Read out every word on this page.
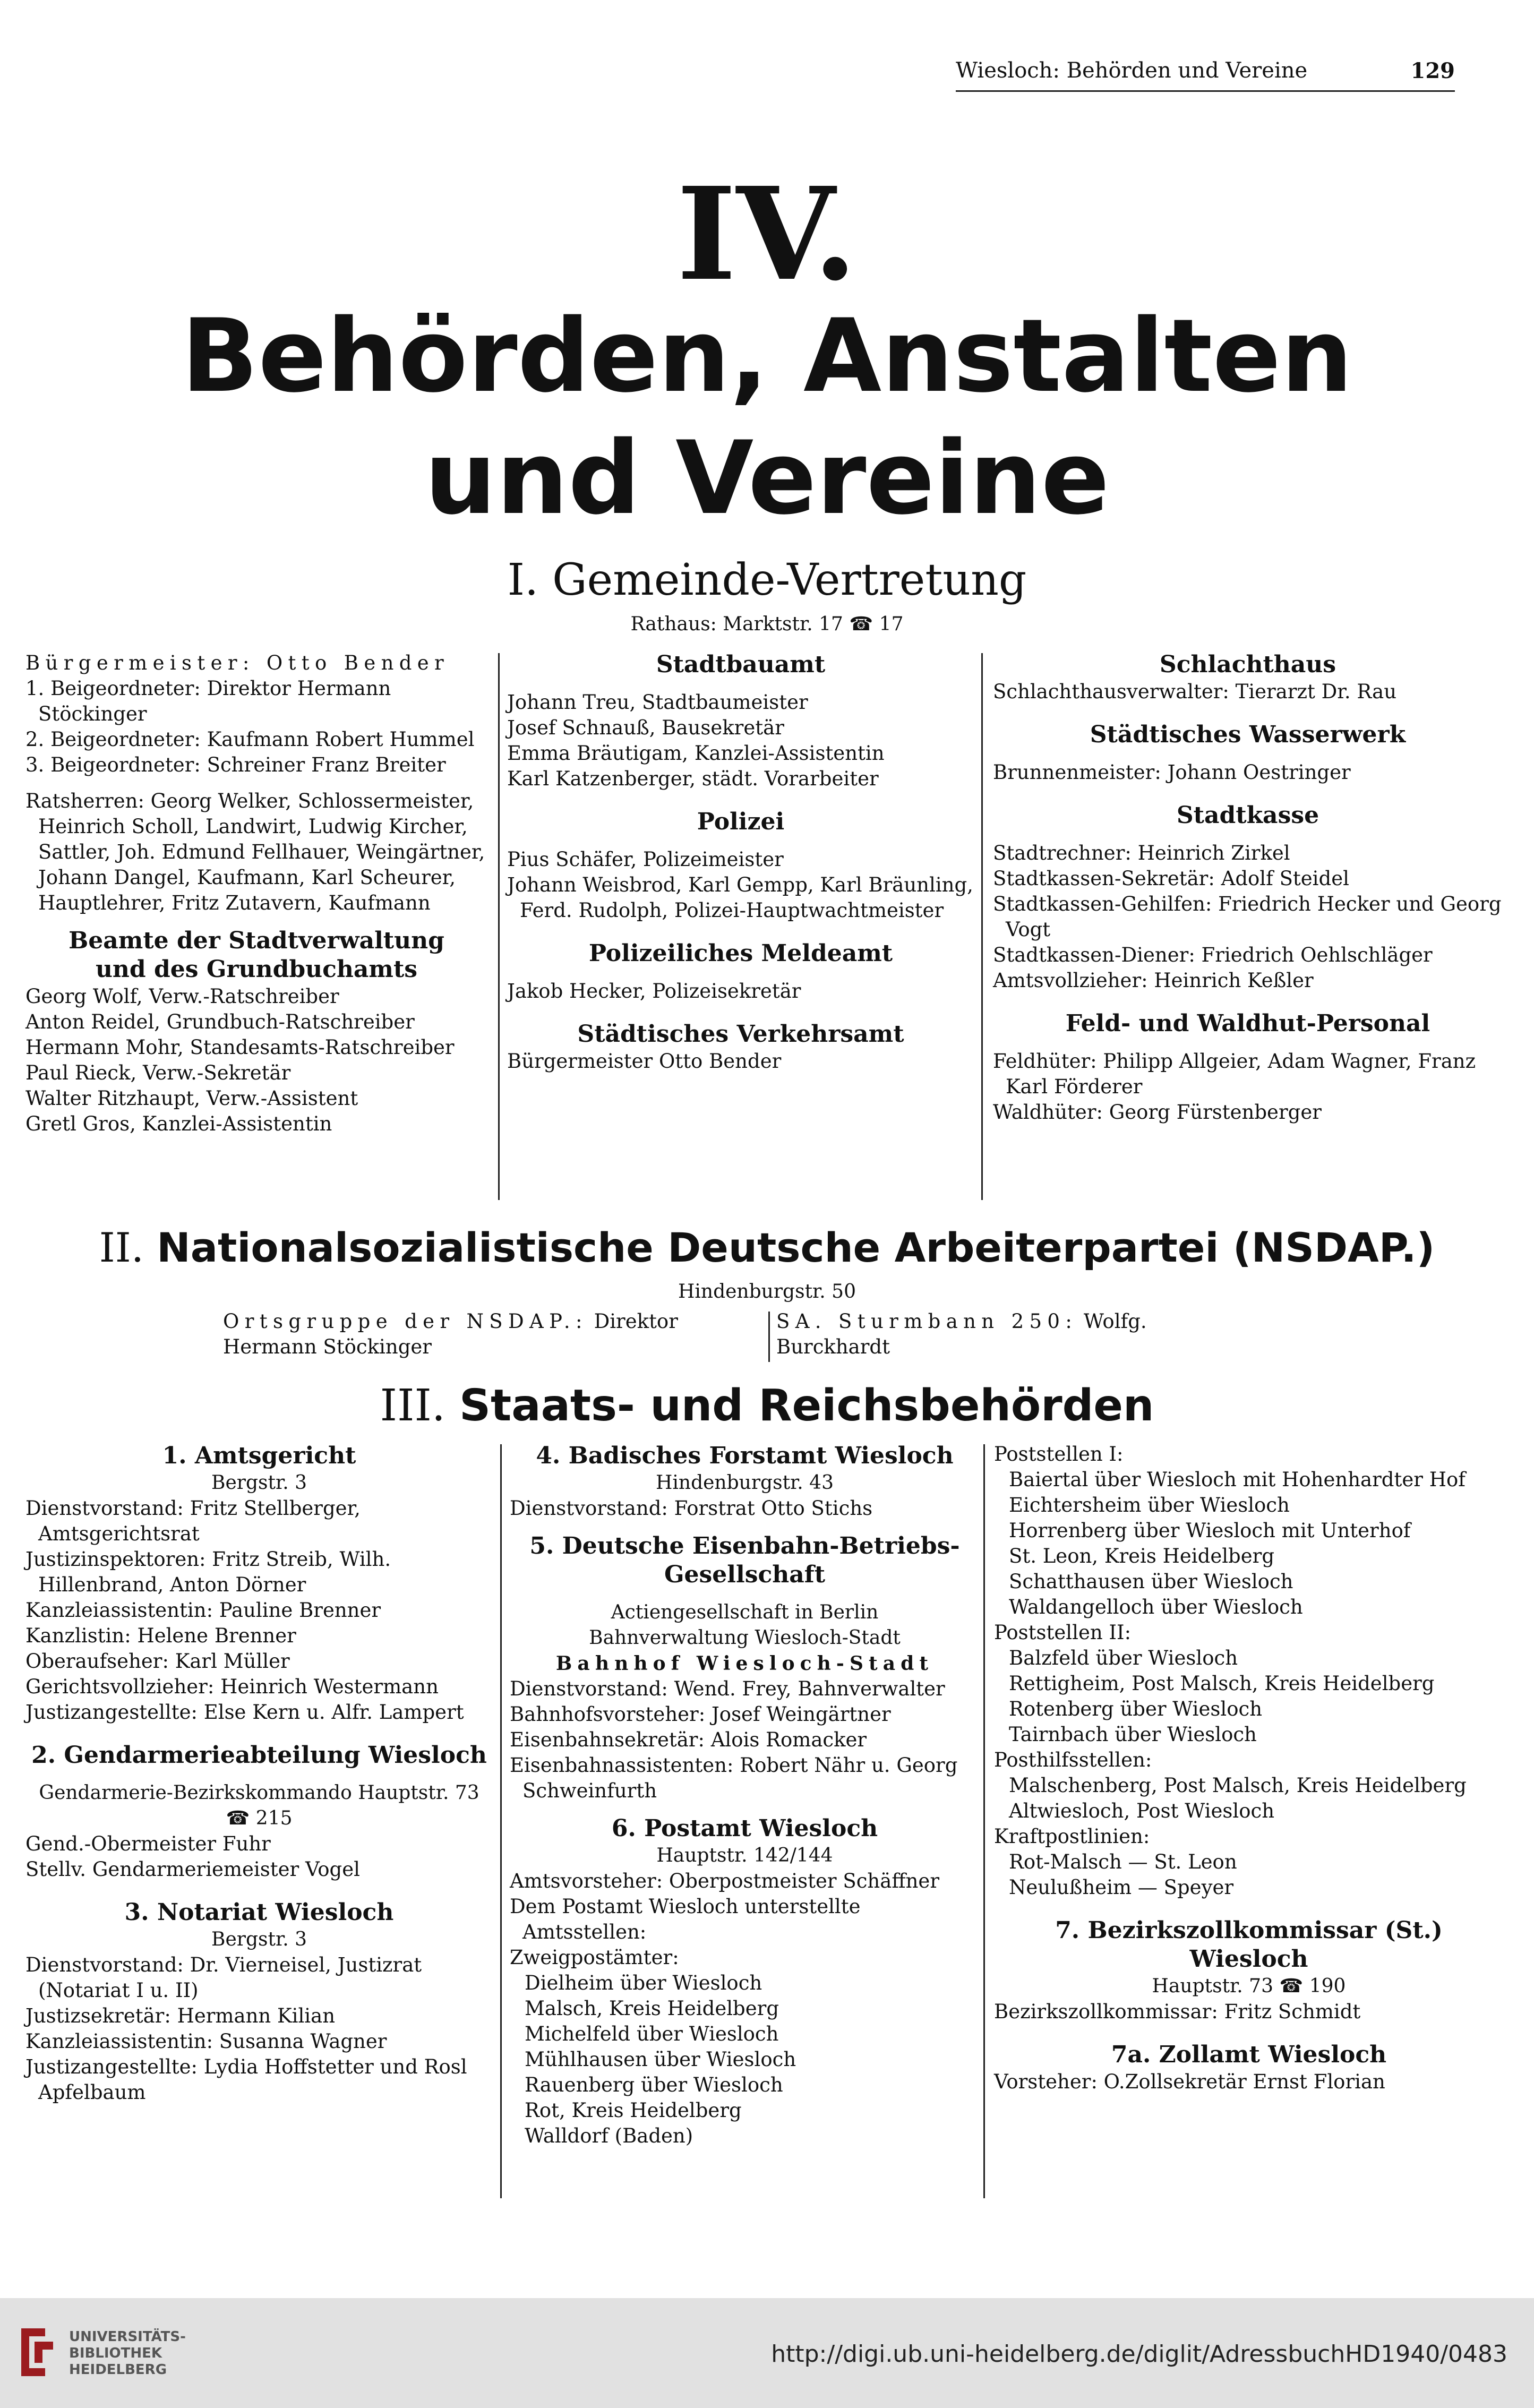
Wiesloch: Behörden und Vereine	129
IV.
Behörden, Anstalten
und Vereine
I. Gemeinde-Vertretung
Rathaus: Marktstr. 17 ☎ 17

Bürgermeister: Otto Bender

1. Beigeordneter: Direktor Hermann Stöckinger

2. Beigeordneter: Kaufmann Robert Hummel

3. Beigeordneter: Schreiner Franz Breiter

Ratsherren: Georg Welker, Schlossermeister, Heinrich Scholl, Landwirt, Ludwig Kircher, Sattler, Joh. Edmund Fellhauer, Weingärtner, Johann Dangel, Kaufmann, Karl Scheurer, Hauptlehrer, Fritz Zutavern, Kaufmann

Beamte der Stadtverwaltung
und des Grundbuchamts

Georg Wolf, Verw.-Ratschreiber

Anton Reidel, Grundbuch-Ratschreiber

Hermann Mohr, Standesamts-Ratschreiber

Paul Rieck, Verw.-Sekretär

Walter Ritzhaupt, Verw.-Assistent

Gretl Gros, Kanzlei-Assistentin

Stadtbauamt

Johann Treu, Stadtbaumeister

Josef Schnauß, Bausekretär

Emma Bräutigam, Kanzlei-Assistentin

Karl Katzenberger, städt. Vorarbeiter

Polizei

Pius Schäfer, Polizeimeister

Johann Weisbrod, Karl Gempp, Karl Bräunling, Ferd. Rudolph, Polizei-Hauptwachtmeister

Polizeiliches Meldeamt

Jakob Hecker, Polizeisekretär

Städtisches Verkehrsamt

Bürgermeister Otto Bender

Schlachthaus

Schlachthausverwalter: Tierarzt Dr. Rau

Städtisches Wasserwerk

Brunnenmeister: Johann Oestringer

Stadtkasse

Stadtrechner: Heinrich Zirkel

Stadtkassen-Sekretär: Adolf Steidel

Stadtkassen-Gehilfen: Friedrich Hecker und Georg Vogt

Stadtkassen-Diener: Friedrich Oehlschläger

Amtsvollzieher: Heinrich Keßler

Feld- und Waldhut-Personal

Feldhüter: Philipp Allgeier, Adam Wagner, Franz Karl Förderer

Waldhüter: Georg Fürstenberger

II. Nationalsozialistische Deutsche Arbeiterpartei (NSDAP.)
Hindenburgstr. 50
Ortsgruppe der NSDAP.: Direktor Hermann Stöckinger
SA. Sturmbann 250: Wolfg. Burckhardt
III. Staats- und Reichsbehörden
1. Amtsgericht
Bergstr. 3

Dienstvorstand: Fritz Stellberger, Amtsgerichtsrat

Justizinspektoren: Fritz Streib, Wilh. Hillenbrand, Anton Dörner

Kanzleiassistentin: Pauline Brenner

Kanzlistin: Helene Brenner

Oberaufseher: Karl Müller

Gerichtsvollzieher: Heinrich Westermann

Justizangestellte: Else Kern u. Alfr. Lampert

2. Gendarmerieabteilung Wiesloch
Gendarmerie-Bezirkskommando Hauptstr. 73 ☎ 215

Gend.-Obermeister Fuhr

Stellv. Gendarmeriemeister Vogel

3. Notariat Wiesloch
Bergstr. 3

Dienstvorstand: Dr. Vierneisel, Justizrat (Notariat I u. II)

Justizsekretär: Hermann Kilian

Kanzleiassistentin: Susanna Wagner

Justizangestellte: Lydia Hoffstetter und Rosl Apfelbaum

4. Badisches Forstamt Wiesloch
Hindenburgstr. 43

Dienstvorstand: Forstrat Otto Stichs

5. Deutsche Eisenbahn-Betriebs-Gesellschaft
Actiengesellschaft in Berlin
Bahnverwaltung Wiesloch-Stadt
Bahnhof Wiesloch-Stadt

Dienstvorstand: Wend. Frey, Bahnverwalter

Bahnhofsvorsteher: Josef Weingärtner

Eisenbahnsekretär: Alois Romacker

Eisenbahnassistenten: Robert Nähr u. Georg Schweinfurth

6. Postamt Wiesloch
Hauptstr. 142/144

Amtsvorsteher: Oberpostmeister Schäffner

Dem Postamt Wiesloch unterstellte Amtsstellen:

Zweigpostämter:

Dielheim über Wiesloch

Malsch, Kreis Heidelberg

Michelfeld über Wiesloch

Mühlhausen über Wiesloch

Rauenberg über Wiesloch

Rot, Kreis Heidelberg

Walldorf (Baden)

Poststellen I:

Baiertal über Wiesloch mit Hohenhardter Hof

Eichtersheim über Wiesloch

Horrenberg über Wiesloch mit Unterhof

St. Leon, Kreis Heidelberg

Schatthausen über Wiesloch

Waldangelloch über Wiesloch

Poststellen II:

Balzfeld über Wiesloch

Rettigheim, Post Malsch, Kreis Heidelberg

Rotenberg über Wiesloch

Tairnbach über Wiesloch

Posthilfsstellen:

Malschenberg, Post Malsch, Kreis Heidelberg

Altwiesloch, Post Wiesloch

Kraftpostlinien:

Rot-Malsch — St. Leon

Neulußheim — Speyer

7. Bezirkszollkommissar (St.) Wiesloch
Hauptstr. 73 ☎ 190

Bezirkszollkommissar: Fritz Schmidt

7a. Zollamt Wiesloch

Vorsteher: O.Zollsekretär Ernst Florian

UNIVERSITÄTS-
BIBLIOTHEK
HEIDELBERG
http://digi.ub.uni-heidelberg.de/diglit/AdressbuchHD1940/0483
